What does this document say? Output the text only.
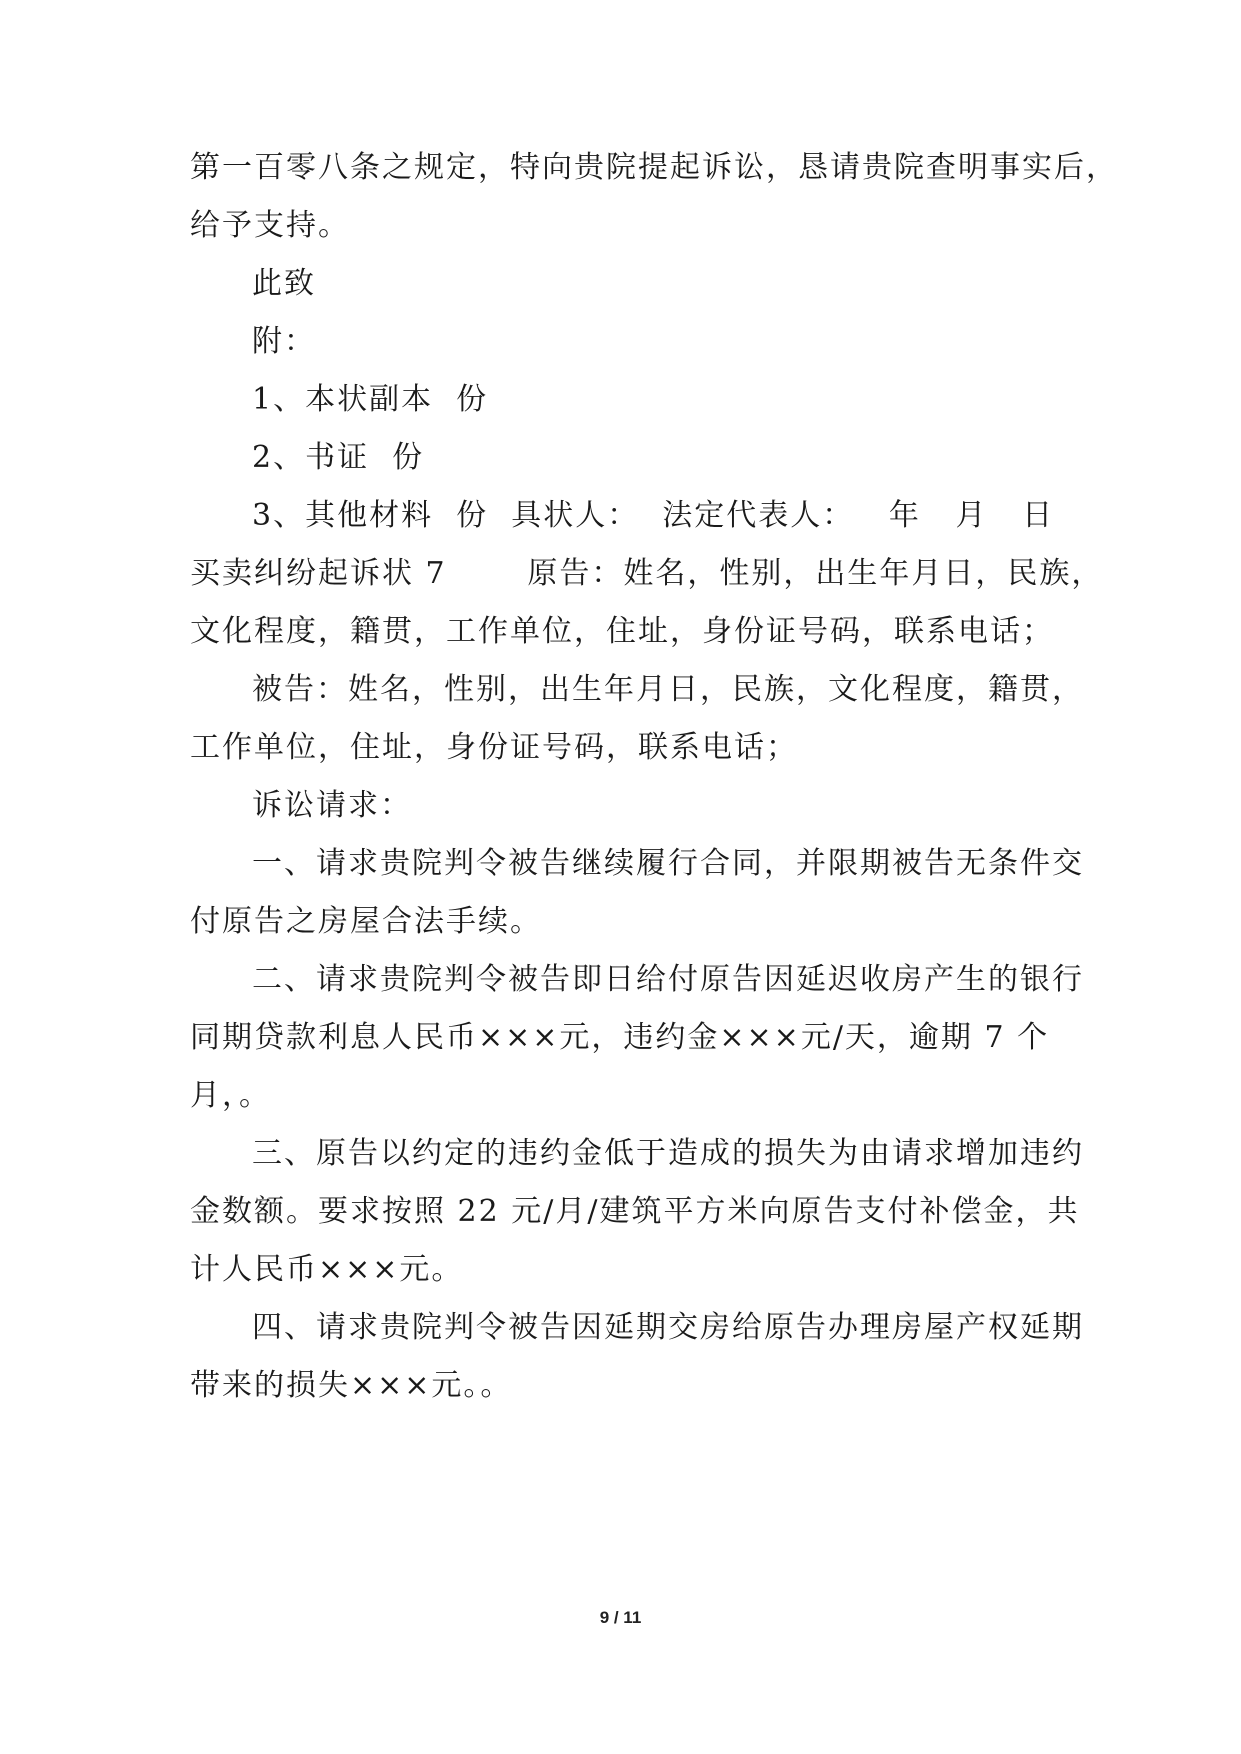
第一百零八条之规定，特向贵院提起诉讼，恳请贵院查明事实后，
给予支持。
此致
附：
1、本状副本  份
2、书证  份
3、其他材料  份  具状人：  法定代表人：   年   月   日
买卖纠纷起诉状 7       原告：姓名，性别，出生年月日，民族，
文化程度，籍贯，工作单位，住址，身份证号码，联系电话；
被告：姓名，性别，出生年月日，民族，文化程度，籍贯，
工作单位，住址，身份证号码，联系电话；
诉讼请求：
一、请求贵院判令被告继续履行合同，并限期被告无条件交
付原告之房屋合法手续。
二、请求贵院判令被告即日给付原告因延迟收房产生的银行
同期贷款利息人民币×××元，违约金×××元/天，逾期 7 个
月，。
三、原告以约定的违约金低于造成的损失为由请求增加违约
金数额。要求按照 22 元/月/建筑平方米向原告支付补偿金，共
计人民币×××元。
四、请求贵院判令被告因延期交房给原告办理房屋产权延期
带来的损失×××元。。
9 / 11
